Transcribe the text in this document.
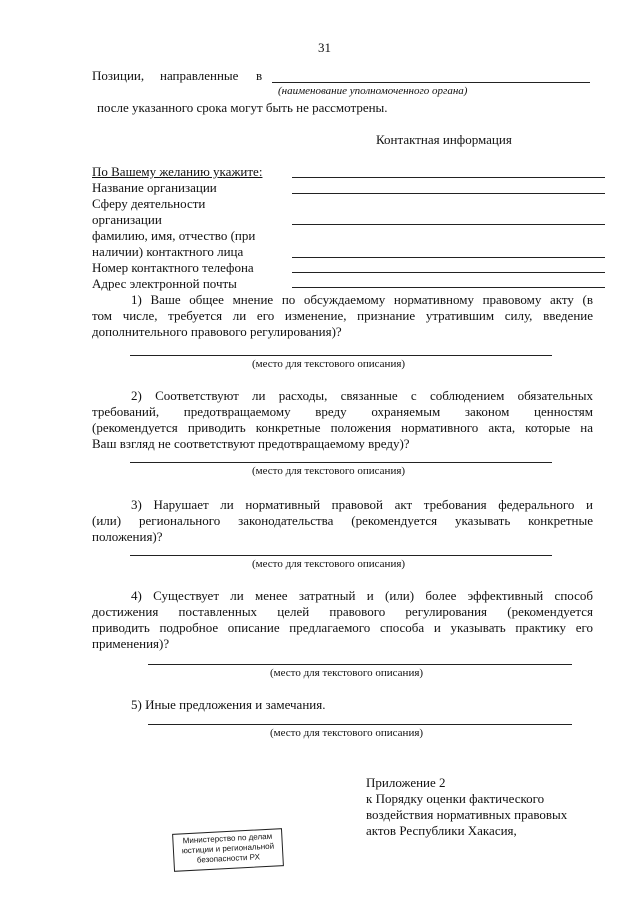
31
Позиции, направленные в
(наименование уполномоченного органа)
после указанного срока могут быть не рассмотрены.
Контактная информация
По Вашему желанию укажите:
Название организации
Сферу деятельности
организации
фамилию, имя, отчество (при
наличии) контактного лица
Номер контактного телефона
Адрес электронной почты
1) Ваше общее мнение по обсуждаемому нормативному правовому акту (в
том числе, требуется ли его изменение, признание утратившим силу, введение
дополнительного правового регулирования)?
(место для текстового описания)
2) Соответствуют ли расходы, связанные с соблюдением обязательных
требований, предотвращаемому вреду охраняемым законом ценностям
(рекомендуется приводить конкретные положения нормативного акта, которые на
Ваш взгляд не соответствуют предотвращаемому вреду)?
(место для текстового описания)
3) Нарушает ли нормативный правовой акт требования федерального и
(или) регионального законодательства (рекомендуется указывать конкретные
положения)?
(место для текстового описания)
4) Существует ли менее затратный и (или) более эффективный способ
достижения поставленных целей правового регулирования (рекомендуется
приводить подробное описание предлагаемого способа и указывать практику его
применения)?
(место для текстового описания)
5) Иные предложения и замечания.
(место для текстового описания)
Приложение 2
к Порядку оценки фактического
воздействия нормативных правовых
актов Республики Хакасия,
Министерство по делам
юстиции и региональной
безопасности РХ
